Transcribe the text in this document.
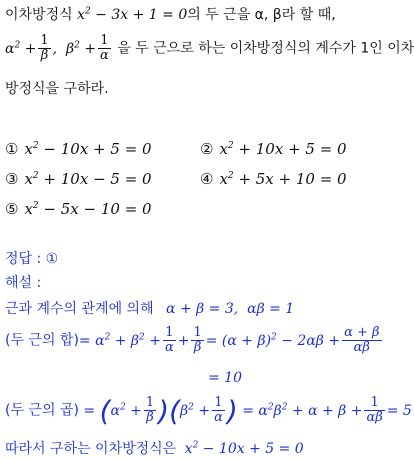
이차방정식 $x^2 - 3x + 1 = 0$의 두 근을 α, β라 할 때,
$\alpha^2 + \frac{1}{\beta}$ ,  $\beta^2 + \frac{1}{\alpha}$ 을 두 근으로 하는 이차방정식의 계수가 1인 이차
방정식을 구하라.
① $x^2 - 10x + 5 = 0$	② $x^2 + 10x + 5 = 0$
③ $x^2 + 10x - 5 = 0$	④ $x^2 + 5x + 10 = 0$
⑤ $x^2 - 5x - 10 = 0$
정답 : ①
해설 :
근과 계수의 관계에 의해 α + β = 3,  αβ = 1
(두 근의 합)= $\alpha^2 + \beta^2 + \frac{1}{\alpha} + \frac{1}{\beta} = (\alpha + \beta)^2 - 2\alpha\beta + \frac{\alpha + \beta}{\alpha\beta}$
= 10
(두 근의 곱) = $(\alpha^2 + \frac{1}{\beta} )(\beta^2 + \frac{1}{\alpha}$ ) = $\alpha^2\beta^2 + \alpha + \beta + \frac{1}{\alpha\beta} = 5$
따라서 구하는 이차방정식은 $x^2 - 10x + 5 = 0$
